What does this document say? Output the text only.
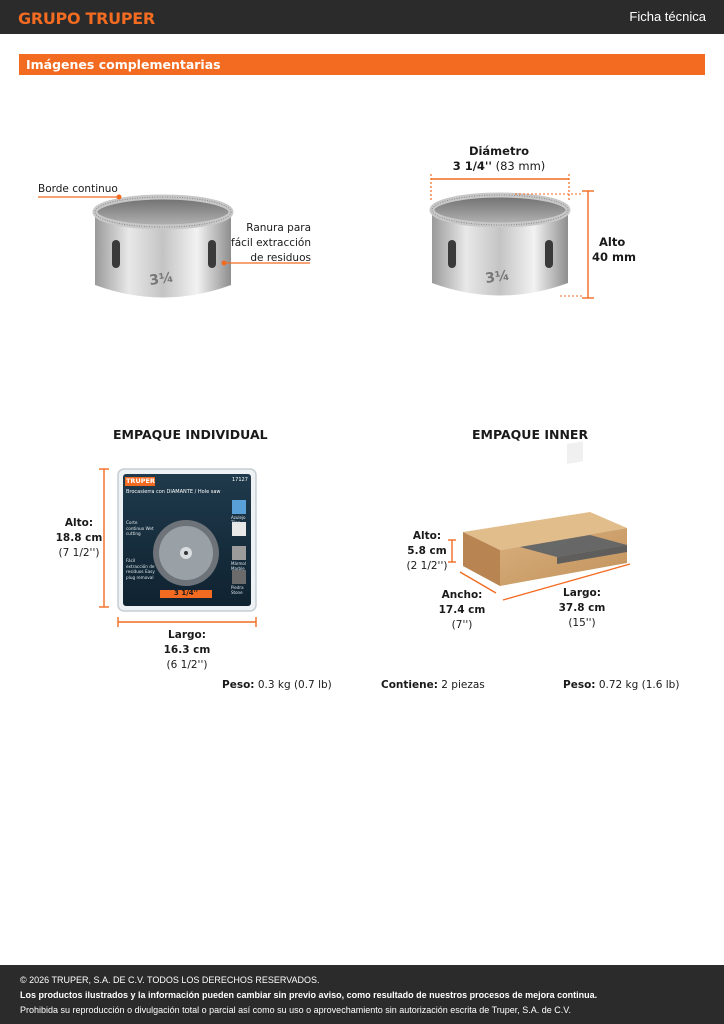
GRUPO TRUPER	Ficha técnica
Imágenes complementarias
3¼	3¼
Borde continuo
Ranura para
fácil extracción
de residuos
Diámetro
3 1/4'' (83 mm)
Alto
40 mm
EMPAQUE INDIVIDUAL
Alto:
18.8 cm
(7 1/2'')
Largo:
16.3 cm
(6 1/2'')
Peso: 0.3 kg (0.7 lb)
TRUPER	17127
Brocasierra con DIAMANTE / Hole saw
Corte continuo Wet cutting
Fácil extracción de residuos Easy plug removal
Azulejo Tiles
Mármol Marble
Piedra Stone
3 1/4''
EMPAQUE INNER
Alto:
5.8 cm
(2 1/2'')
Ancho:
17.4 cm
(7'')
Largo:
37.8 cm
(15'')
Contiene: 2 piezas	Peso: 0.72 kg (1.6 lb)
© 2026 TRUPER, S.A. DE C.V. TODOS LOS DERECHOS RESERVADOS.
Los productos ilustrados y la información pueden cambiar sin previo aviso, como resultado de nuestros procesos de mejora continua.
Prohibida su reproducción o divulgación total o parcial así como su uso o aprovechamiento sin autorización escrita de Truper, S.A. de C.V.
